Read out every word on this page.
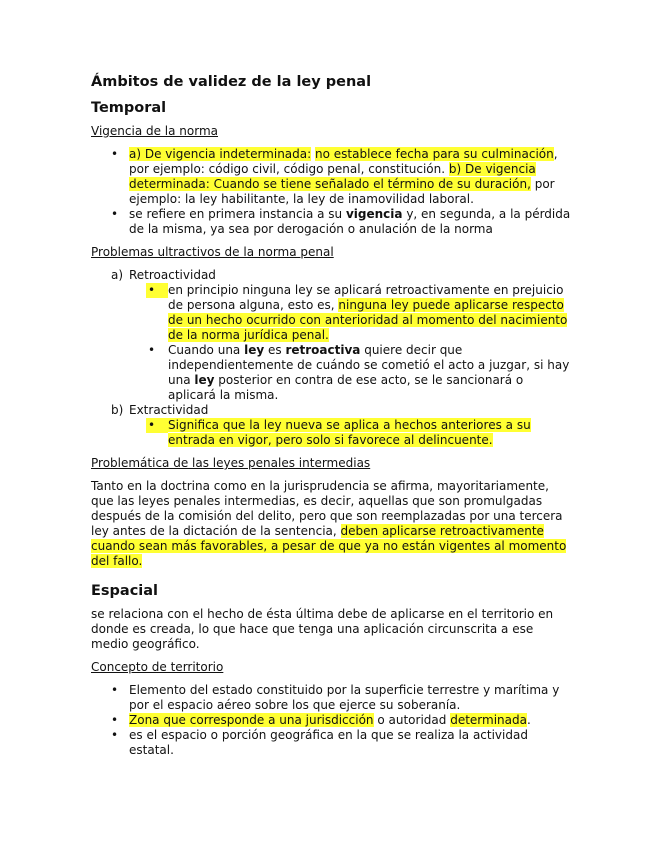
Ámbitos de validez de la ley penal
Temporal

Vigencia de la norma

• a) De vigencia indeterminada: no establece fecha para su culminación, por ejemplo: código civil, código penal, constitución. b) De vigencia determinada: Cuando se tiene señalado el término de su duración, por ejemplo: la ley habilitante, la ley de inamovilidad laboral.
• se refiere en primera instancia a su vigencia y, en segunda, a la pérdida de la misma, ya sea por derogación o anulación de la norma

Problemas ultractivos de la norma penal

a) Retroactividad
• en principio ninguna ley se aplicará retroactivamente en prejuicio de persona alguna, esto es, ninguna ley puede aplicarse respecto de un hecho ocurrido con anterioridad al momento del nacimiento de la norma jurídica penal.
• Cuando una ley es retroactiva quiere decir que independientemente de cuándo se cometió el acto a juzgar, si hay una ley posterior en contra de ese acto, se le sancionará o aplicará la misma.
b) Extractividad
• Significa que la ley nueva se aplica a hechos anteriores a su entrada en vigor, pero solo si favorece al delincuente.

Problemática de las leyes penales intermedias

Tanto en la doctrina como en la jurisprudencia se afirma, mayoritariamente, que las leyes penales intermedias, es decir, aquellas que son promulgadas después de la comisión del delito, pero que son reemplazadas por una tercera ley antes de la dictación de la sentencia, deben aplicarse retroactivamente cuando sean más favorables, a pesar de que ya no están vigentes al momento del fallo.

Espacial

se relaciona con el hecho de ésta última debe de aplicarse en el territorio en donde es creada, lo que hace que tenga una aplicación circunscrita a ese medio geográfico.

Concepto de territorio

• Elemento del estado constituido por la superficie terrestre y marítima y por el espacio aéreo sobre los que ejerce su soberanía.
• Zona que corresponde a una jurisdicción o autoridad determinada.
• es el espacio o porción geográfica en la que se realiza la actividad estatal.
